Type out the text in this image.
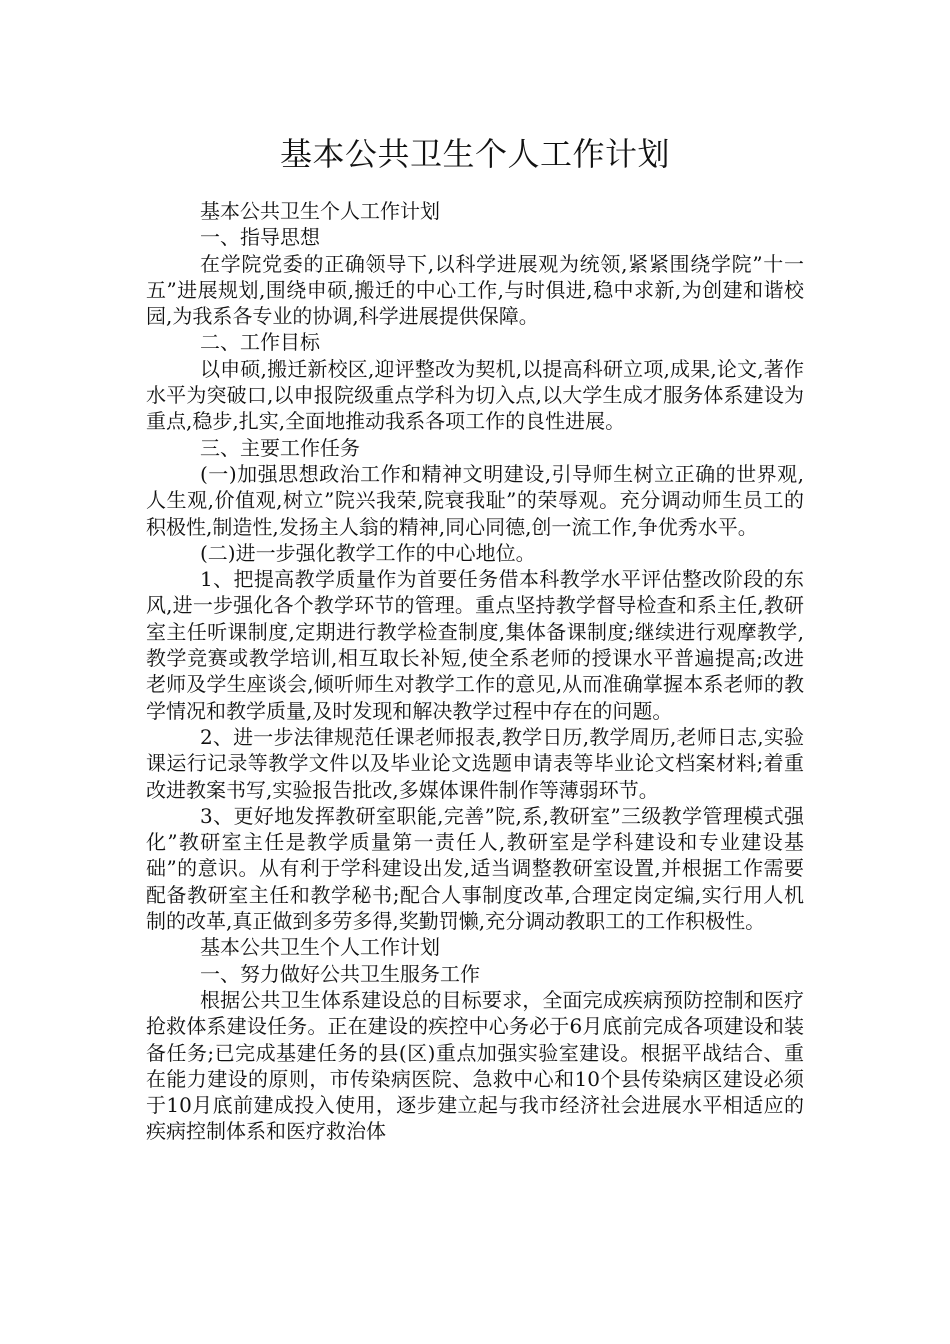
基本公共卫生个人工作计划

基本公共卫生个人工作计划

一、指导思想

在学院党委的正确领导下,以科学进展观为统领,紧紧围绕学院”十一五”进展规划,围绕申硕,搬迁的中心工作,与时俱进,稳中求新,为创建和谐校园,为我系各专业的协调,科学进展提供保障。

二、工作目标

以申硕,搬迁新校区,迎评整改为契机,以提高科研立项,成果,论文,著作水平为突破口,以申报院级重点学科为切入点,以大学生成才服务体系建设为重点,稳步,扎实,全面地推动我系各项工作的良性进展。

三、主要工作任务

(一)加强思想政治工作和精神文明建设,引导师生树立正确的世界观,人生观,价值观,树立”院兴我荣,院衰我耻”的荣辱观。充分调动师生员工的积极性,制造性,发扬主人翁的精神,同心同德,创一流工作,争优秀水平。

(二)进一步强化教学工作的中心地位。

1、把提高教学质量作为首要任务借本科教学水平评估整改阶段的东风,进一步强化各个教学环节的管理。重点坚持教学督导检查和系主任,教研室主任听课制度,定期进行教学检查制度,集体备课制度;继续进行观摩教学,教学竞赛或教学培训,相互取长补短,使全系老师的授课水平普遍提高;改进老师及学生座谈会,倾听师生对教学工作的意见,从而准确掌握本系老师的教学情况和教学质量,及时发现和解决教学过程中存在的问题。

2、进一步法律规范任课老师报表,教学日历,教学周历,老师日志,实验课运行记录等教学文件以及毕业论文选题申请表等毕业论文档案材料;着重改进教案书写,实验报告批改,多媒体课件制作等薄弱环节。

3、更好地发挥教研室职能,完善”院,系,教研室”三级教学管理模式强化”教研室主任是教学质量第一责任人,教研室是学科建设和专业建设基础”的意识。从有利于学科建设出发,适当调整教研室设置,并根据工作需要配备教研室主任和教学秘书;配合人事制度改革,合理定岗定编,实行用人机制的改革,真正做到多劳多得,奖勤罚懒,充分调动教职工的工作积极性。

基本公共卫生个人工作计划

一、努力做好公共卫生服务工作

根据公共卫生体系建设总的目标要求，全面完成疾病预防控制和医疗抢救体系建设任务。正在建设的疾控中心务必于6月底前完成各项建设和装备任务;已完成基建任务的县(区)重点加强实验室建设。根据平战结合、重在能力建设的原则，市传染病医院、急救中心和10个县传染病区建设必须于10月底前建成投入使用，逐步建立起与我市经济社会进展水平相适应的疾病控制体系和医疗救治体
